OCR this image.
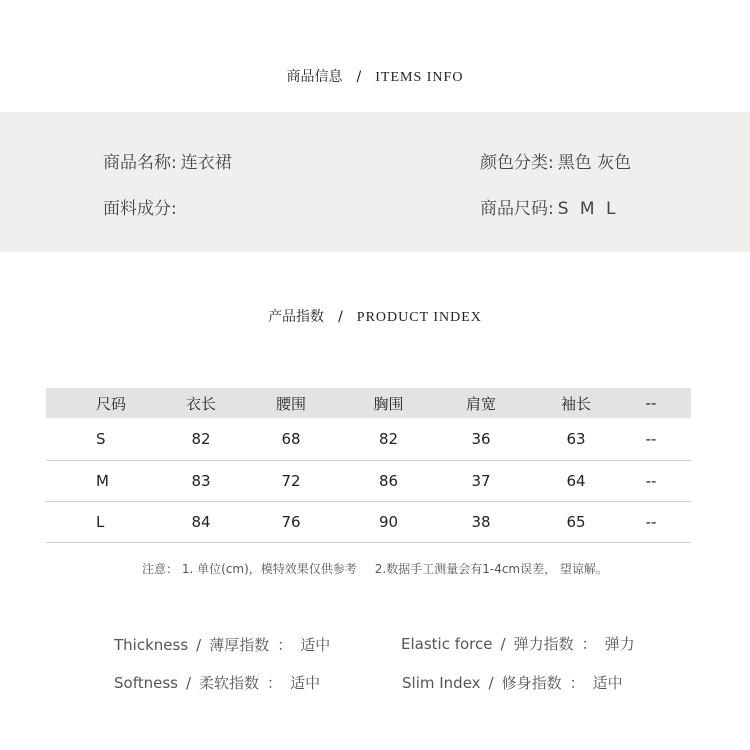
商品信息 / ITEMS INFO
商品名称: 连衣裙
面料成分:
颜色分类: 黑色 灰色
商品尺码: S M L
产品指数 / PRODUCT INDEX
尺码	衣长	腰围	胸围	肩宽	袖长	--
S	82	68	82	36	63	--
M	83	72	86	37	64	--
L	84	76	90	38	65	--
注意： 1. 单位(cm)，模特效果仅供参考 2.数据手工测量会有1-4cm误差， 望谅解。
Thickness / 薄厚指数 ： 适中
Softness / 柔软指数 ： 适中
Elastic force / 弹力指数 ： 弹力
Slim Index / 修身指数 ： 适中
